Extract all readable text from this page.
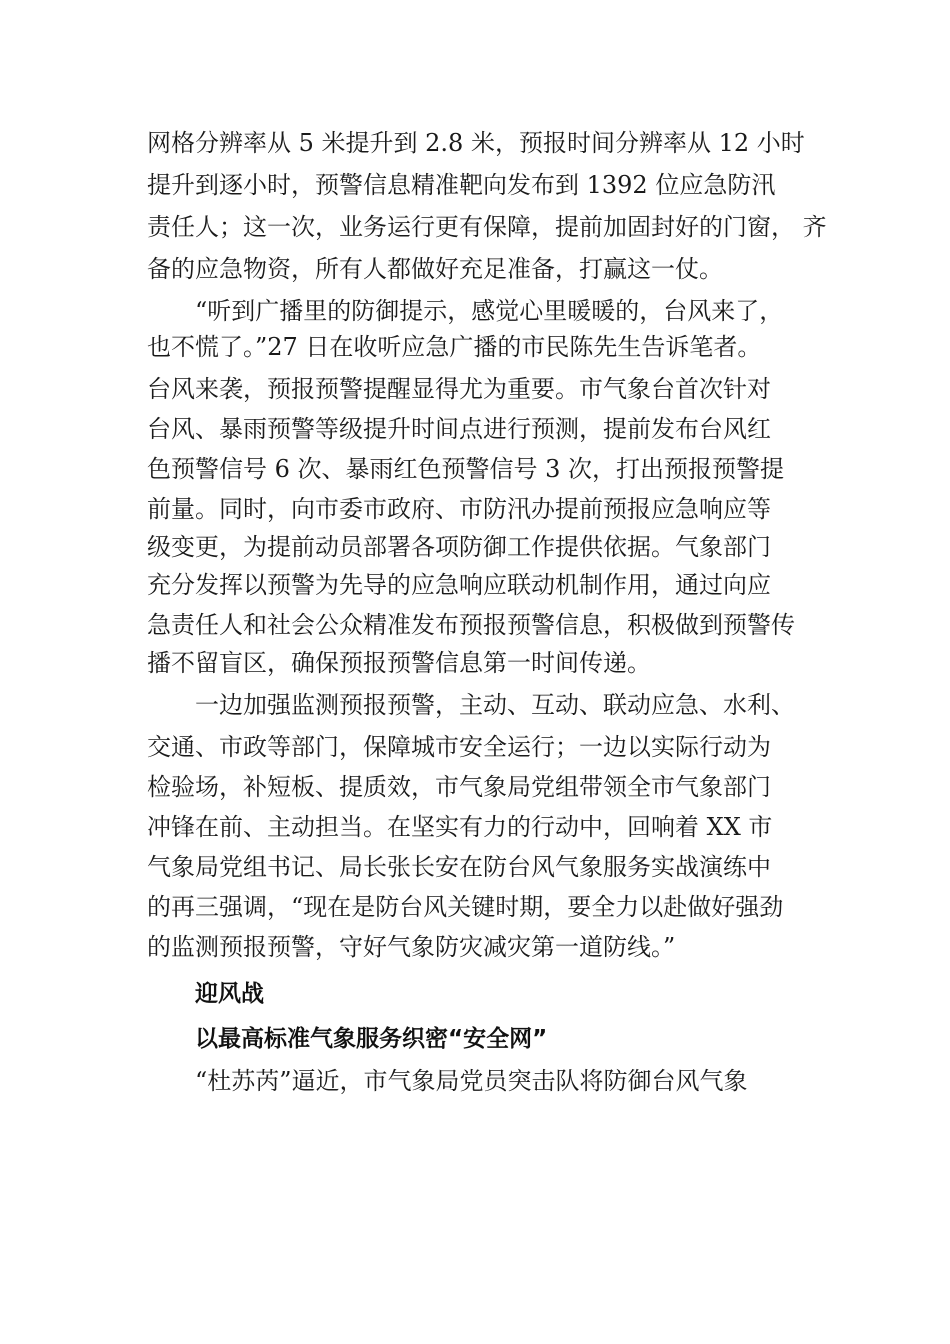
网格分辨率从 5 米提升到 2.8 米，预报时间分辨率从 12 小时
提升到逐小时，预警信息精准靶向发布到 1392 位应急防汛
责任人；这一次，业务运行更有保障，提前加固封好的门窗， 齐
备的应急物资，所有人都做好充足准备，打赢这一仗。
“听到广播里的防御提示，感觉心里暖暖的，台风来了，
也不慌了。”27 日在收听应急广播的市民陈先生告诉笔者。
台风来袭，预报预警提醒显得尤为重要。市气象台首次针对
台风、暴雨预警等级提升时间点进行预测，提前发布台风红
色预警信号 6 次、暴雨红色预警信号 3 次，打出预报预警提
前量。同时，向市委市政府、市防汛办提前预报应急响应等
级变更，为提前动员部署各项防御工作提供依据。气象部门
充分发挥以预警为先导的应急响应联动机制作用，通过向应
急责任人和社会公众精准发布预报预警信息，积极做到预警传
播不留盲区，确保预报预警信息第一时间传递。
一边加强监测预报预警，主动、互动、联动应急、水利、
交通、市政等部门，保障城市安全运行；一边以实际行动为
检验场，补短板、提质效，市气象局党组带领全市气象部门
冲锋在前、主动担当。在坚实有力的行动中，回响着 XX 市
气象局党组书记、局长张长安在防台风气象服务实战演练中
的再三强调，“现在是防台风关键时期，要全力以赴做好强劲
的监测预报预警，守好气象防灾减灾第一道防线。”
迎风战
以最高标准气象服务织密“安全网”
“杜苏芮”逼近，市气象局党员突击队将防御台风气象
